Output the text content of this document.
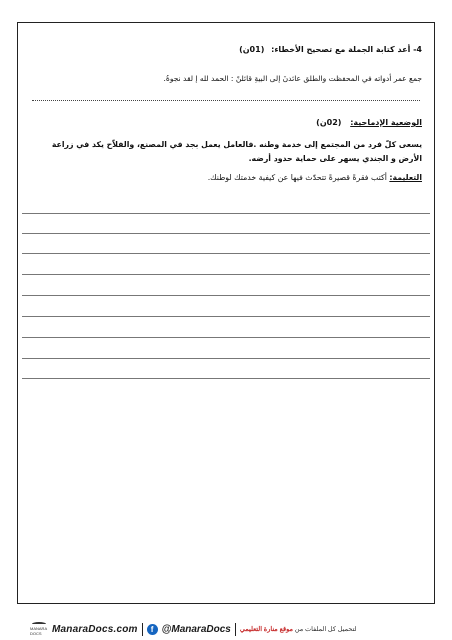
4- أعد كتابة الجملة مع تصحيح الأخطاء: (01ن)
جمع عمر أدواته في المحفظت والطلق عائدنَ إلى البيةِ قائلنً : الحمد لله إ لقد نجوةُ.
الوضعية الإدماجية: (02ن)
يسعى كلّ فرد من المجتمع إلى خدمة وطنه .فالعامل يعمل بجد في المصنع، والفلاّح يكد في زراعة الأرض و الجندي يسهر على حماية حدود أرضه.
التعليمة: أكتب فقرةً قصيرةً تتحدّث فيها عن كيفية خدمتك لوطنك.
MANARA DOCS	ManaraDocs.com	f @ManaraDocs	لتحميل كل الملفات من موقع منارة التعليمي
